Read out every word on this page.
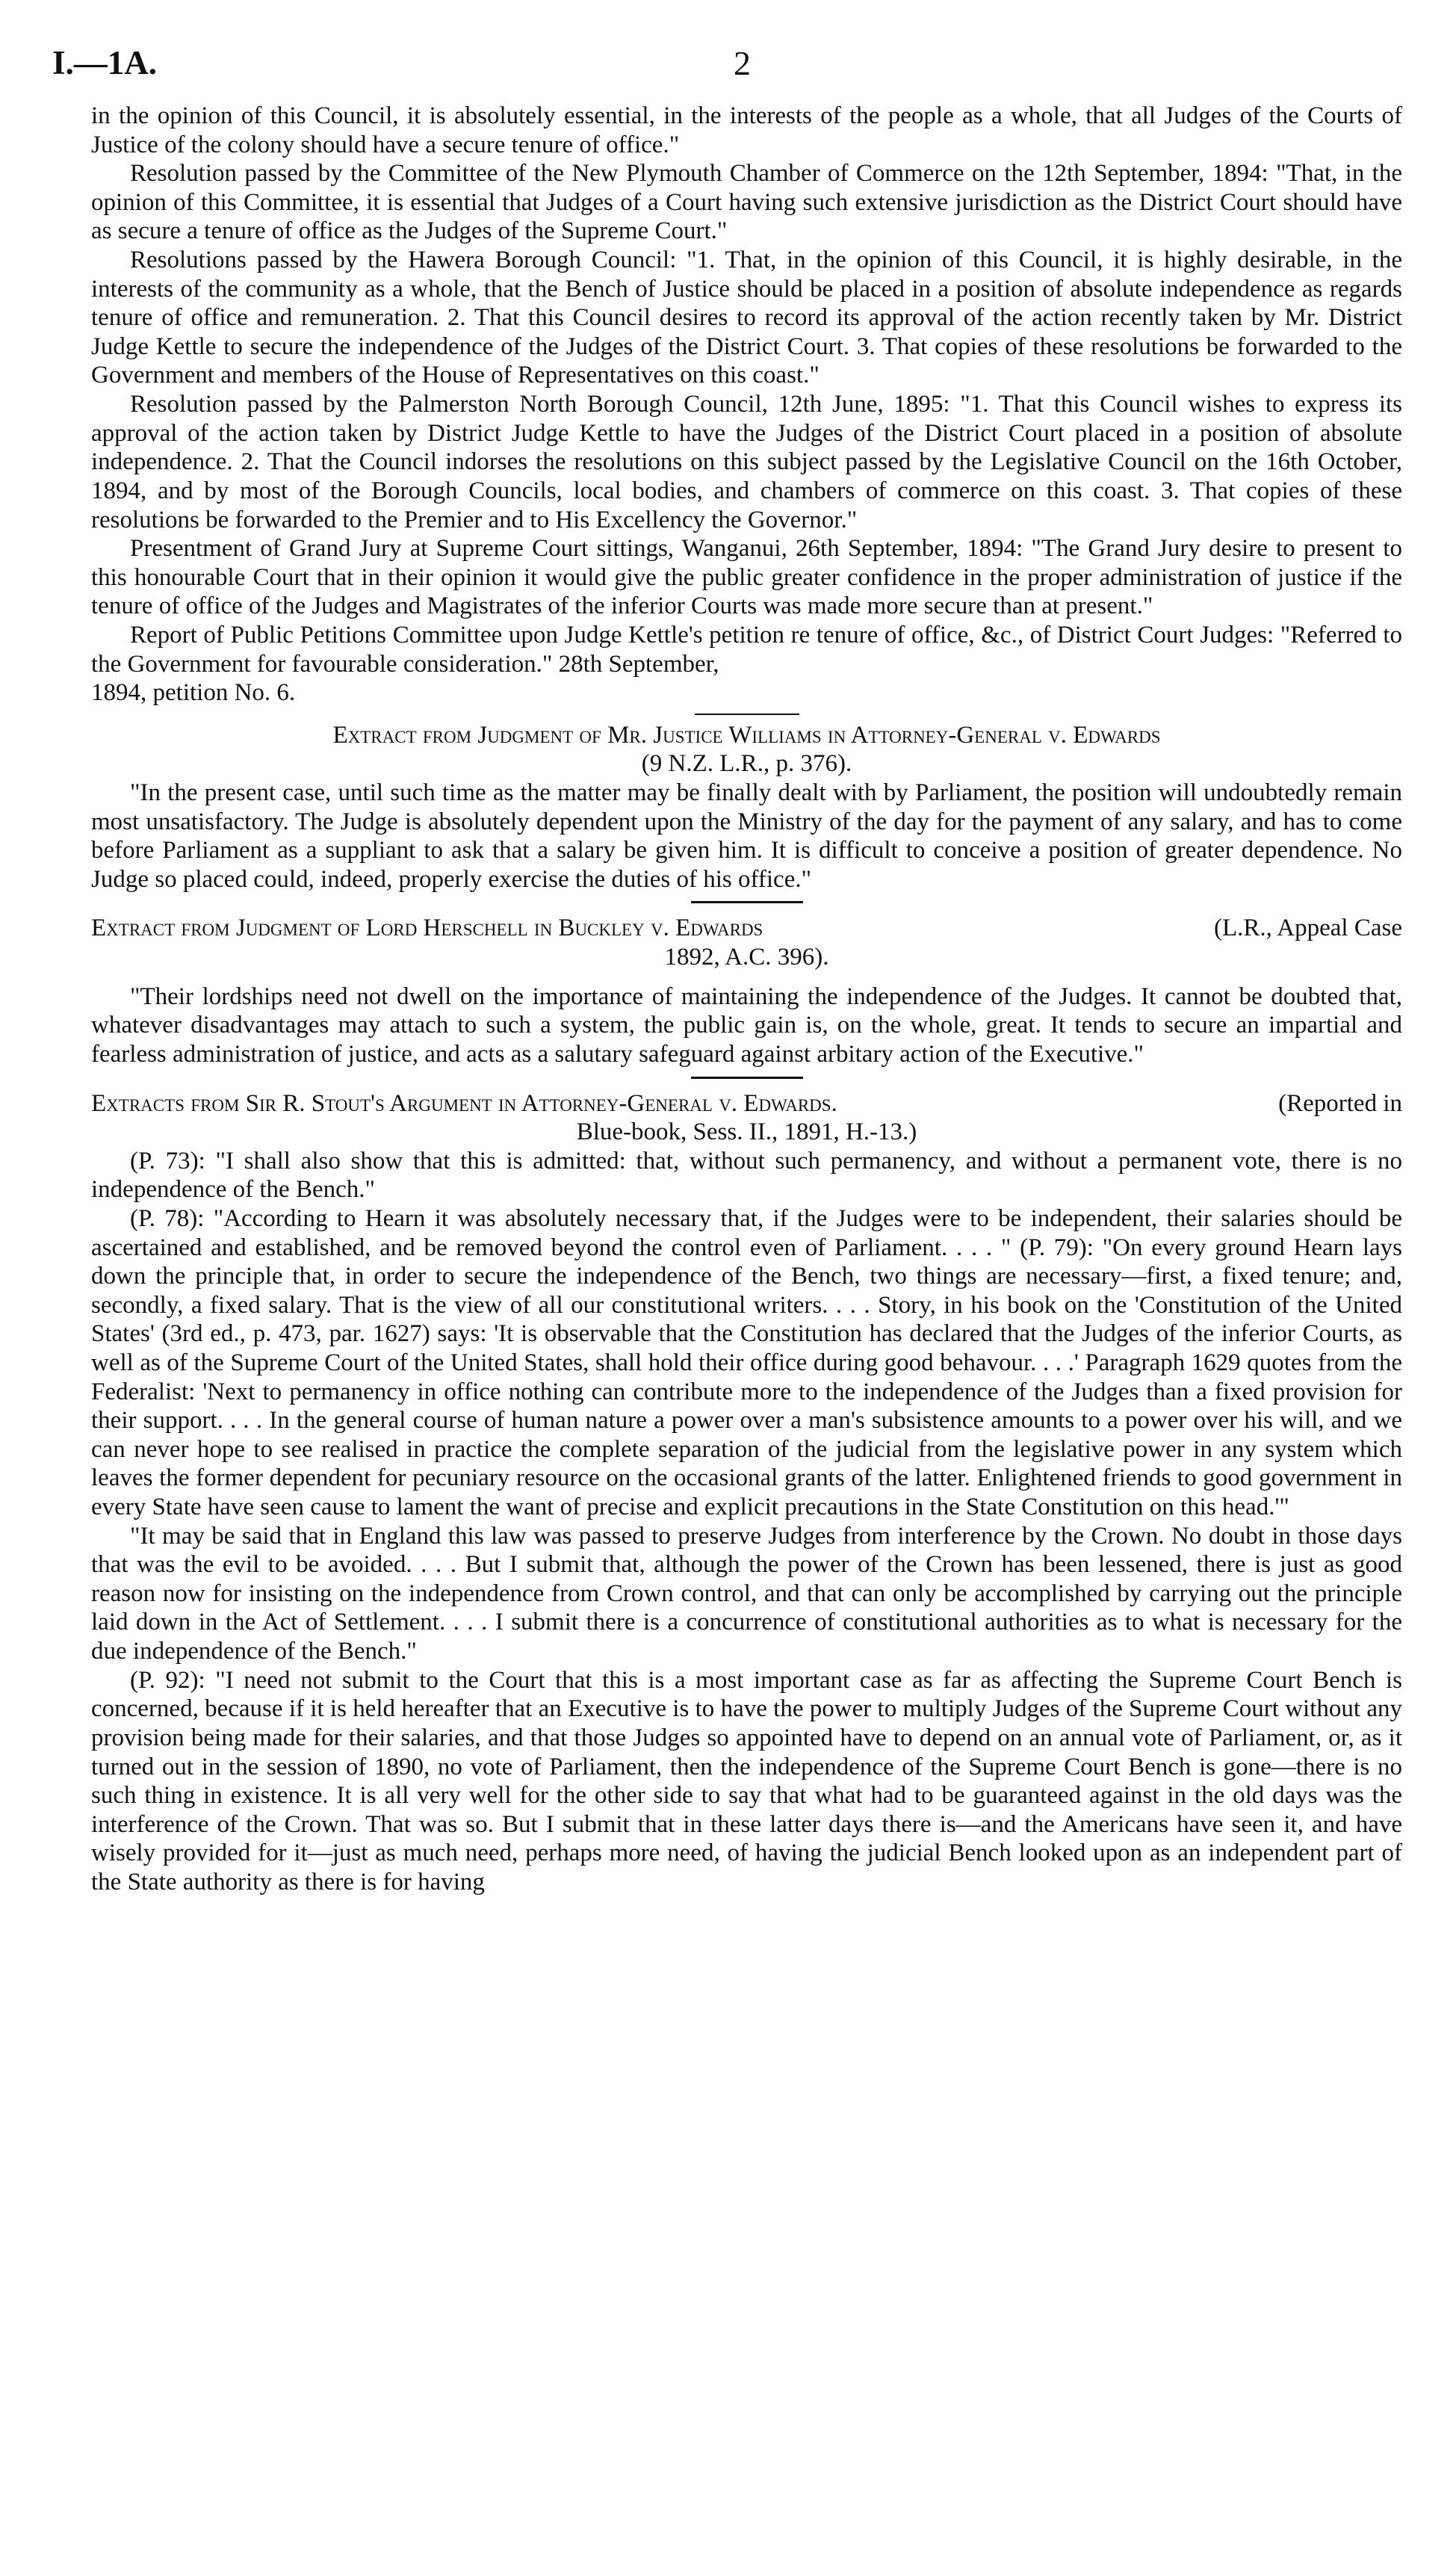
I.—1A.	2

in the opinion of this Council, it is absolutely essential, in the interests of the people as a whole, that all Judges of the Courts of Justice of the colony should have a secure tenure of office."

Resolution passed by the Committee of the New Plymouth Chamber of Commerce on the 12th September, 1894: "That, in the opinion of this Committee, it is essential that Judges of a Court having such extensive jurisdiction as the District Court should have as secure a tenure of office as the Judges of the Supreme Court."

Resolutions passed by the Hawera Borough Council: "1. That, in the opinion of this Council, it is highly desirable, in the interests of the community as a whole, that the Bench of Justice should be placed in a position of absolute independence as regards tenure of office and remuneration. 2. That this Council desires to record its approval of the action recently taken by Mr. District Judge Kettle to secure the independence of the Judges of the District Court. 3. That copies of these resolutions be forwarded to the Government and members of the House of Representatives on this coast."

Resolution passed by the Palmerston North Borough Council, 12th June, 1895: "1. That this Council wishes to express its approval of the action taken by District Judge Kettle to have the Judges of the District Court placed in a position of absolute independence. 2. That the Council indorses the resolutions on this subject passed by the Legislative Council on the 16th October, 1894, and by most of the Borough Councils, local bodies, and chambers of commerce on this coast. 3. That copies of these resolutions be forwarded to the Premier and to His Excellency the Governor."

Presentment of Grand Jury at Supreme Court sittings, Wanganui, 26th September, 1894: "The Grand Jury desire to present to this honourable Court that in their opinion it would give the public greater confidence in the proper administration of justice if the tenure of office of the Judges and Magistrates of the inferior Courts was made more secure than at present."

Report of Public Petitions Committee upon Judge Kettle's petition re tenure of office, &c., of District Court Judges: "Referred to the Government for favourable consideration." 28th September,

1894, petition No. 6.

Extract from Judgment of Mr. Justice Williams in Attorney-General v. Edwards

(9 N.Z. L.R., p. 376).

"In the present case, until such time as the matter may be finally dealt with by Parliament, the position will undoubtedly remain most unsatisfactory. The Judge is absolutely dependent upon the Ministry of the day for the payment of any salary, and has to come before Parliament as a suppliant to ask that a salary be given him. It is difficult to conceive a position of greater dependence. No Judge so placed could, indeed, properly exercise the duties of his office."

Extract from Judgment of Lord Herschell in Buckley v. Edwards	(L.R., Appeal Case

1892, A.C. 396).

"Their lordships need not dwell on the importance of maintaining the independence of the Judges. It cannot be doubted that, whatever disadvantages may attach to such a system, the public gain is, on the whole, great. It tends to secure an impartial and fearless administration of justice, and acts as a salutary safeguard against arbitary action of the Executive."

Extracts from Sir R. Stout's Argument in Attorney-General v. Edwards.	(Reported in

Blue-book, Sess. II., 1891, H.-13.)

(P. 73): "I shall also show that this is admitted: that, without such permanency, and without a permanent vote, there is no independence of the Bench."

(P. 78): "According to Hearn it was absolutely necessary that, if the Judges were to be independent, their salaries should be ascertained and established, and be removed beyond the control even of Parliament. . . . " (P. 79): "On every ground Hearn lays down the principle that, in order to secure the independence of the Bench, two things are necessary—first, a fixed tenure; and, secondly, a fixed salary. That is the view of all our constitutional writers. . . . Story, in his book on the 'Constitution of the United States' (3rd ed., p. 473, par. 1627) says: 'It is observable that the Constitution has declared that the Judges of the inferior Courts, as well as of the Supreme Court of the United States, shall hold their office during good behavour. . . .' Paragraph 1629 quotes from the Federalist: 'Next to permanency in office nothing can contribute more to the independence of the Judges than a fixed provision for their support. . . . In the general course of human nature a power over a man's subsistence amounts to a power over his will, and we can never hope to see realised in practice the complete separation of the judicial from the legislative power in any system which leaves the former dependent for pecuniary resource on the occasional grants of the latter. Enlightened friends to good government in every State have seen cause to lament the want of precise and explicit precautions in the State Constitution on this head.'"

"It may be said that in England this law was passed to preserve Judges from interference by the Crown. No doubt in those days that was the evil to be avoided. . . . But I submit that, although the power of the Crown has been lessened, there is just as good reason now for insisting on the independence from Crown control, and that can only be accomplished by carrying out the principle laid down in the Act of Settlement. . . . I submit there is a concurrence of constitutional authorities as to what is necessary for the due independence of the Bench."

(P. 92): "I need not submit to the Court that this is a most important case as far as affecting the Supreme Court Bench is concerned, because if it is held hereafter that an Executive is to have the power to multiply Judges of the Supreme Court without any provision being made for their salaries, and that those Judges so appointed have to depend on an annual vote of Parliament, or, as it turned out in the session of 1890, no vote of Parliament, then the independence of the Supreme Court Bench is gone—there is no such thing in existence. It is all very well for the other side to say that what had to be guaranteed against in the old days was the interference of the Crown. That was so. But I submit that in these latter days there is—and the Americans have seen it, and have wisely provided for it—just as much need, perhaps more need, of having the judicial Bench looked upon as an independent part of the State authority as there is for having
